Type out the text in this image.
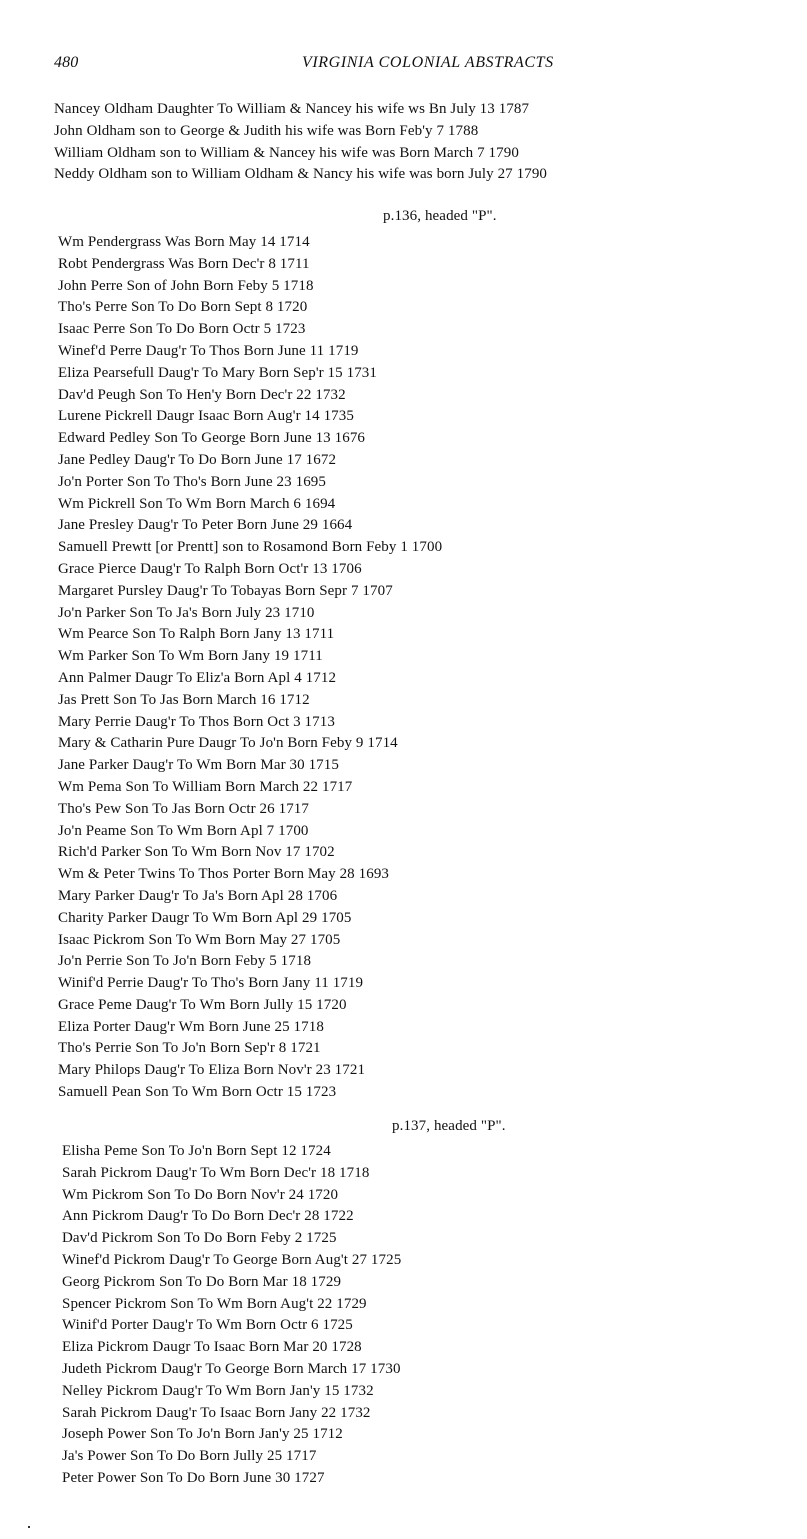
480	VIRGINIA COLONIAL ABSTRACTS
Nancey Oldham Daughter To William & Nancey his wife ws Bn July 13 1787
John Oldham son to George & Judith his wife was Born Feb'y 7 1788
William Oldham son to William & Nancey his wife was Born March 7 1790
Neddy Oldham son to William Oldham & Nancy his wife was born July 27 1790
p.136, headed "P".
Wm Pendergrass Was Born May 14 1714
Robt Pendergrass Was Born Dec'r 8 1711
John Perre Son of John Born Feby 5 1718
Tho's Perre Son To Do Born Sept 8 1720
Isaac Perre Son To Do Born Octr 5 1723
Winef'd Perre Daug'r To Thos Born June 11 1719
Eliza Pearsefull Daug'r To Mary Born Sep'r 15 1731
Dav'd Peugh Son To Hen'y Born Dec'r 22 1732
Lurene Pickrell Daugr Isaac Born Aug'r 14 1735
Edward Pedley Son To George Born June 13 1676
Jane Pedley Daug'r To Do Born June 17 1672
Jo'n Porter Son To Tho's Born June 23 1695
Wm Pickrell Son To Wm Born March 6 1694
Jane Presley Daug'r To Peter Born June 29 1664
Samuell Prewtt [or Prentt] son to Rosamond Born Feby 1 1700
Grace Pierce Daug'r To Ralph Born Oct'r 13 1706
Margaret Pursley Daug'r To Tobayas Born Sepr 7 1707
Jo'n Parker Son To Ja's Born July 23 1710
Wm Pearce Son To Ralph Born Jany 13 1711
Wm Parker Son To Wm Born Jany 19 1711
Ann Palmer Daugr To Eliz'a Born Apl 4 1712
Jas Prett Son To Jas Born March 16 1712
Mary Perrie Daug'r To Thos Born Oct 3 1713
Mary & Catharin Pure Daugr To Jo'n Born Feby 9 1714
Jane Parker Daug'r To Wm Born Mar 30 1715
Wm Pema Son To William Born March 22 1717
Tho's Pew Son To Jas Born Octr 26 1717
Jo'n Peame Son To Wm Born Apl 7 1700
Rich'd Parker Son To Wm Born Nov 17 1702
Wm & Peter Twins To Thos Porter Born May 28 1693
Mary Parker Daug'r To Ja's Born Apl 28 1706
Charity Parker Daugr To Wm Born Apl 29 1705
Isaac Pickrom Son To Wm Born May 27 1705
Jo'n Perrie Son To Jo'n Born Feby 5 1718
Winif'd Perrie Daug'r To Tho's Born Jany 11 1719
Grace Peme Daug'r To Wm Born Jully 15 1720
Eliza Porter Daug'r Wm Born June 25 1718
Tho's Perrie Son To Jo'n Born Sep'r 8 1721
Mary Philops Daug'r To Eliza Born Nov'r 23 1721
Samuell Pean Son To Wm Born Octr 15 1723
p.137, headed "P".
Elisha Peme Son To Jo'n Born Sept 12 1724
Sarah Pickrom Daug'r To Wm Born Dec'r 18 1718
Wm Pickrom Son To Do Born Nov'r 24 1720
Ann Pickrom Daug'r To Do Born Dec'r 28 1722
Dav'd Pickrom Son To Do Born Feby 2 1725
Winef'd Pickrom Daug'r To George Born Aug't 27 1725
Georg Pickrom Son To Do Born Mar 18 1729
Spencer Pickrom Son To Wm Born Aug't 22 1729
Winif'd Porter Daug'r To Wm Born Octr 6 1725
Eliza Pickrom Daugr To Isaac Born Mar 20 1728
Judeth Pickrom Daug'r To George Born March 17 1730
Nelley Pickrom Daug'r To Wm Born Jan'y 15 1732
Sarah Pickrom Daug'r To Isaac Born Jany 22 1732
Joseph Power Son To Jo'n Born Jan'y 25 1712
Ja's Power Son To Do Born Jully 25 1717
Peter Power Son To Do Born June 30 1727
